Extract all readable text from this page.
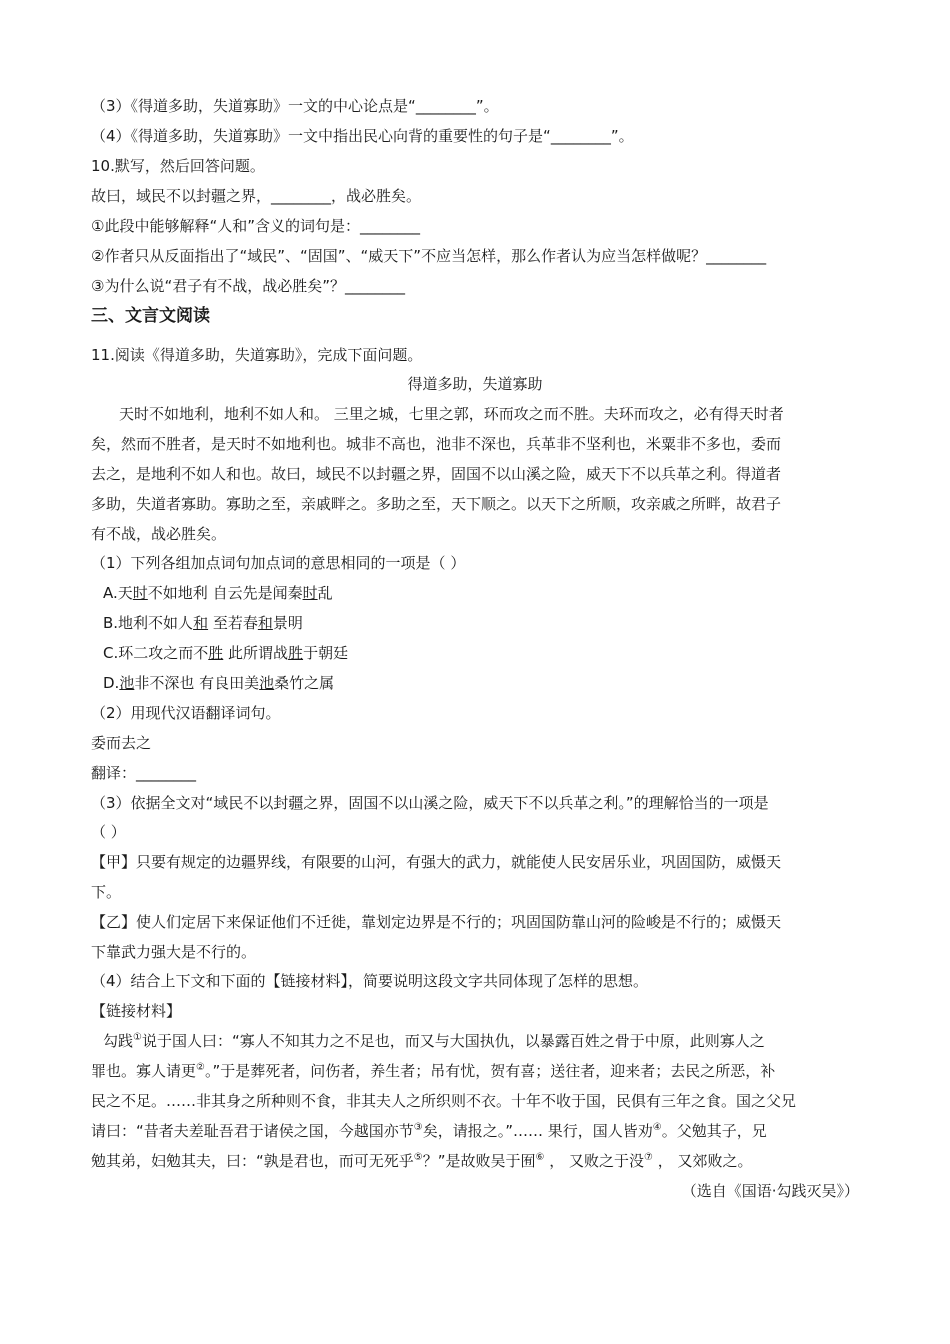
（3）《得道多助，失道寡助》一文的中心论点是“________”。
（4）《得道多助，失道寡助》一文中指出民心向背的重要性的句子是“________”。
10.默写，然后回答问题。
故曰，域民不以封疆之界，________，战必胜矣。
①此段中能够解释“人和”含义的词句是：________
②作者只从反面指出了“域民”、“固国”、“威天下”不应当怎样，那么作者认为应当怎样做呢？________
③为什么说“君子有不战，战必胜矣”？________
三、文言文阅读
11.阅读《得道多助，失道寡助》，完成下面问题。
得道多助，失道寡助
天时不如地利，地利不如人和。 三里之城，七里之郭，环而攻之而不胜。夫环而攻之，必有得天时者
矣，然而不胜者，是天时不如地利也。城非不高也，池非不深也，兵革非不坚利也，米粟非不多也，委而
去之，是地利不如人和也。故曰，域民不以封疆之界，固国不以山溪之险，威天下不以兵革之利。得道者
多助，失道者寡助。寡助之至，亲戚畔之。多助之至，天下顺之。以天下之所顺，攻亲戚之所畔，故君子
有不战，战必胜矣。
（1）下列各组加点词句加点词的意思相同的一项是（ ）
A.天时不如地利 自云先是闻秦时乱
B.地利不如人和 至若春和景明
C.环二攻之而不胜 此所谓战胜于朝廷
D.池非不深也 有良田美池桑竹之属
（2）用现代汉语翻译词句。
委而去之
翻译：________
（3）依据全文对“域民不以封疆之界，固国不以山溪之险，威天下不以兵革之利。”的理解恰当的一项是
（ ）
【甲】只要有规定的边疆界线，有限要的山河，有强大的武力，就能使人民安居乐业，巩固国防，威慑天
下。
【乙】使人们定居下来保证他们不迁徙，靠划定边界是不行的；巩固国防靠山河的险峻是不行的；威慑天
下靠武力强大是不行的。
（4）结合上下文和下面的【链接材料】，简要说明这段文字共同体现了怎样的思想。
【链接材料】
勾践①说于国人曰：“寡人不知其力之不足也，而又与大国执仇，以暴露百姓之骨于中原，此则寡人之
罪也。寡人请更②。”于是葬死者，问伤者，养生者；吊有忧，贺有喜；送往者，迎来者；去民之所恶，补
民之不足。……非其身之所种则不食，非其夫人之所织则不衣。十年不收于国，民俱有三年之食。国之父兄
请曰：“昔者夫差耻吾君于诸侯之国，今越国亦节③矣，请报之。”…… 果行，国人皆劝④。父勉其子，兄
勉其弟，妇勉其夫，曰：“孰是君也，而可无死乎⑤？”是故败吴于囿⑥ ， 又败之于没⑦ ， 又郊败之。
（选自《国语·勾践灭吴》）
